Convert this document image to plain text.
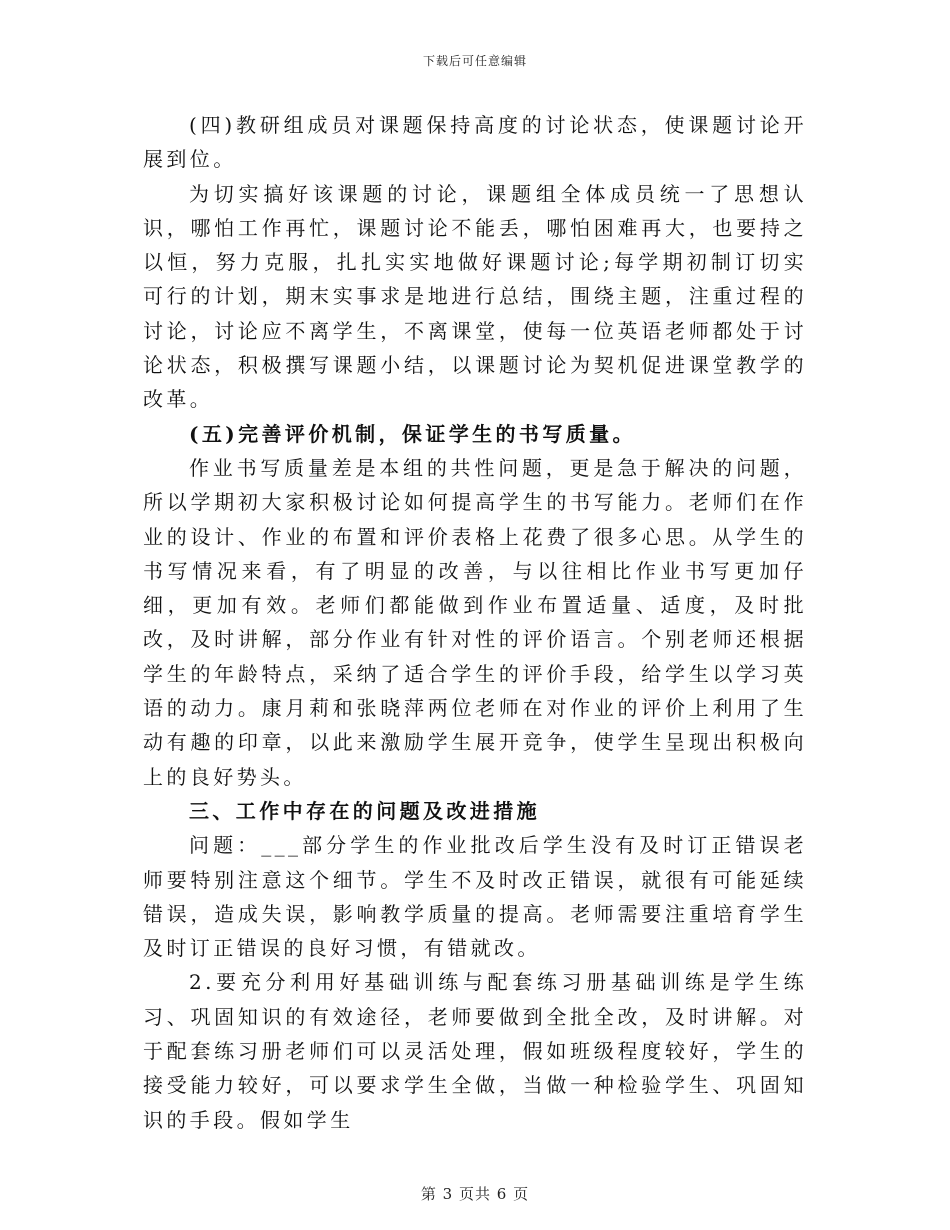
下载后可任意编辑

(四)教研组成员对课题保持高度的讨论状态，使课题讨论开展到位。

为切实搞好该课题的讨论，课题组全体成员统一了思想认识，哪怕工作再忙，课题讨论不能丢，哪怕困难再大，也要持之以恒，努力克服，扎扎实实地做好课题讨论;每学期初制订切实可行的计划，期末实事求是地进行总结，围绕主题，注重过程的讨论，讨论应不离学生，不离课堂，使每一位英语老师都处于讨论状态，积极撰写课题小结，以课题讨论为契机促进课堂教学的改革。

(五)完善评价机制，保证学生的书写质量。

作业书写质量差是本组的共性问题，更是急于解决的问题，所以学期初大家积极讨论如何提高学生的书写能力。老师们在作业的设计、作业的布置和评价表格上花费了很多心思。从学生的书写情况来看，有了明显的改善，与以往相比作业书写更加仔细，更加有效。老师们都能做到作业布置适量、适度，及时批改，及时讲解，部分作业有针对性的评价语言。个别老师还根据学生的年龄特点，采纳了适合学生的评价手段，给学生以学习英语的动力。康月莉和张晓萍两位老师在对作业的评价上利用了生动有趣的印章，以此来激励学生展开竞争，使学生呈现出积极向上的良好势头。

三、工作中存在的问题及改进措施

问题：___部分学生的作业批改后学生没有及时订正错误老师要特别注意这个细节。学生不及时改正错误，就很有可能延续错误，造成失误，影响教学质量的提高。老师需要注重培育学生及时订正错误的良好习惯，有错就改。

2.要充分利用好基础训练与配套练习册基础训练是学生练习、巩固知识的有效途径，老师要做到全批全改，及时讲解。对于配套练习册老师们可以灵活处理，假如班级程度较好，学生的接受能力较好，可以要求学生全做，当做一种检验学生、巩固知识的手段。假如学生

第 3 页共 6 页
